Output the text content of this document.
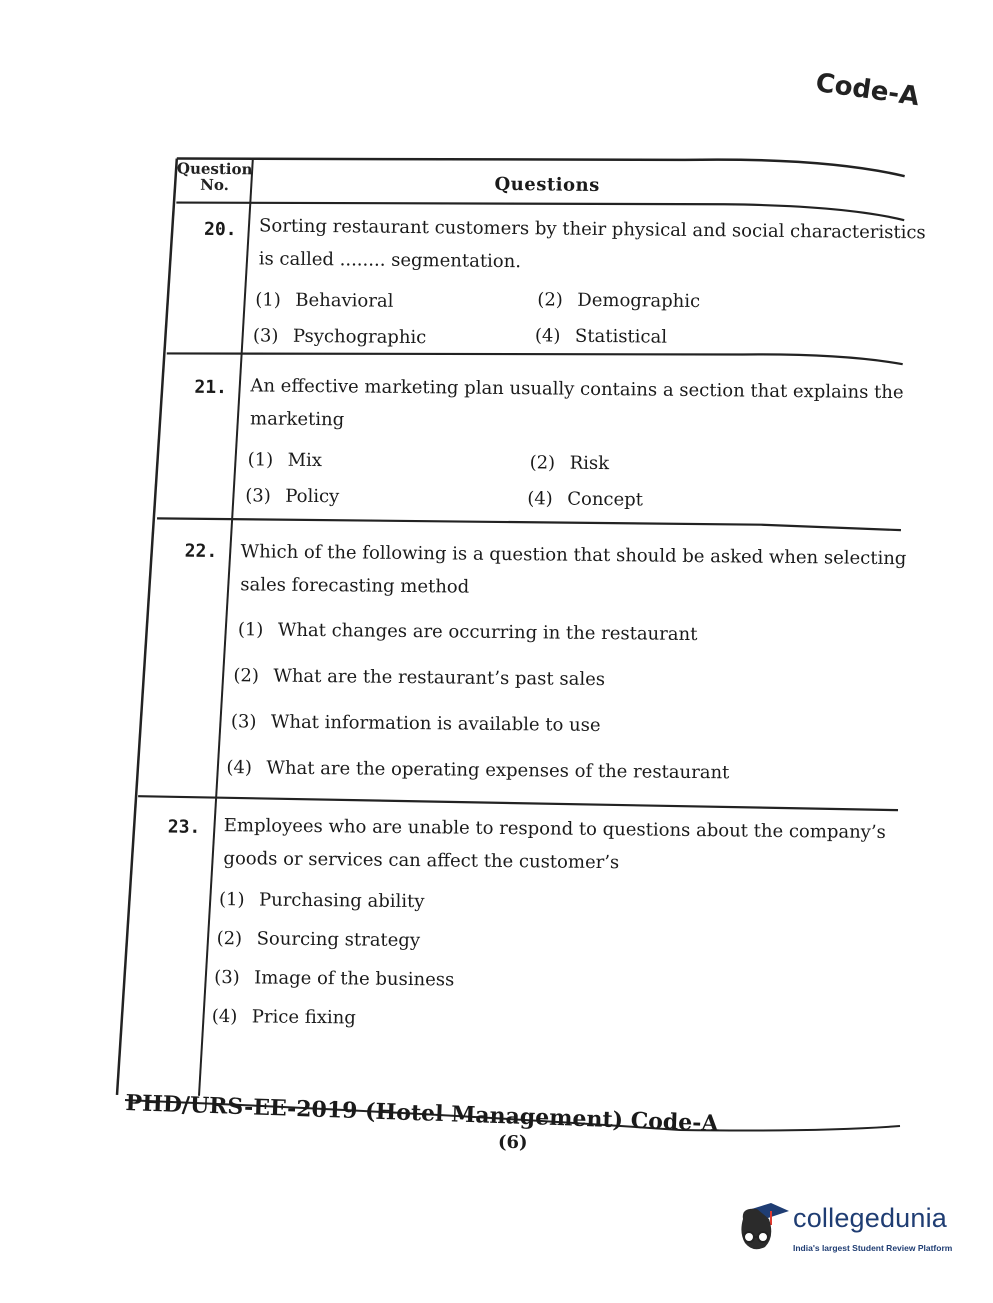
Code-A
Question No.	Questions
20. Sorting restaurant customers by their physical and social characteristics
is called ........ segmentation.
(1) Behavioral	(2) Demographic
(3) Psychographic	(4) Statistical
21. An effective marketing plan usually contains a section that explains the
marketing
(1) Mix	(2) Risk
(3) Policy	(4) Concept
22. Which of the following is a question that should be asked when selecting
sales forecasting method
(1) What changes are occurring in the restaurant
(2) What are the restaurant’s past sales
(3) What information is available to use
(4) What are the operating expenses of the restaurant
23. Employees who are unable to respond to questions about the company’s
goods or services can affect the customer’s
(1) Purchasing ability
(2) Sourcing strategy
(3) Image of the business
(4) Price fixing
PHD/URS-EE-2019 (Hotel Management) Code-A
(6)
collegedunia
India's largest Student Review Platform
